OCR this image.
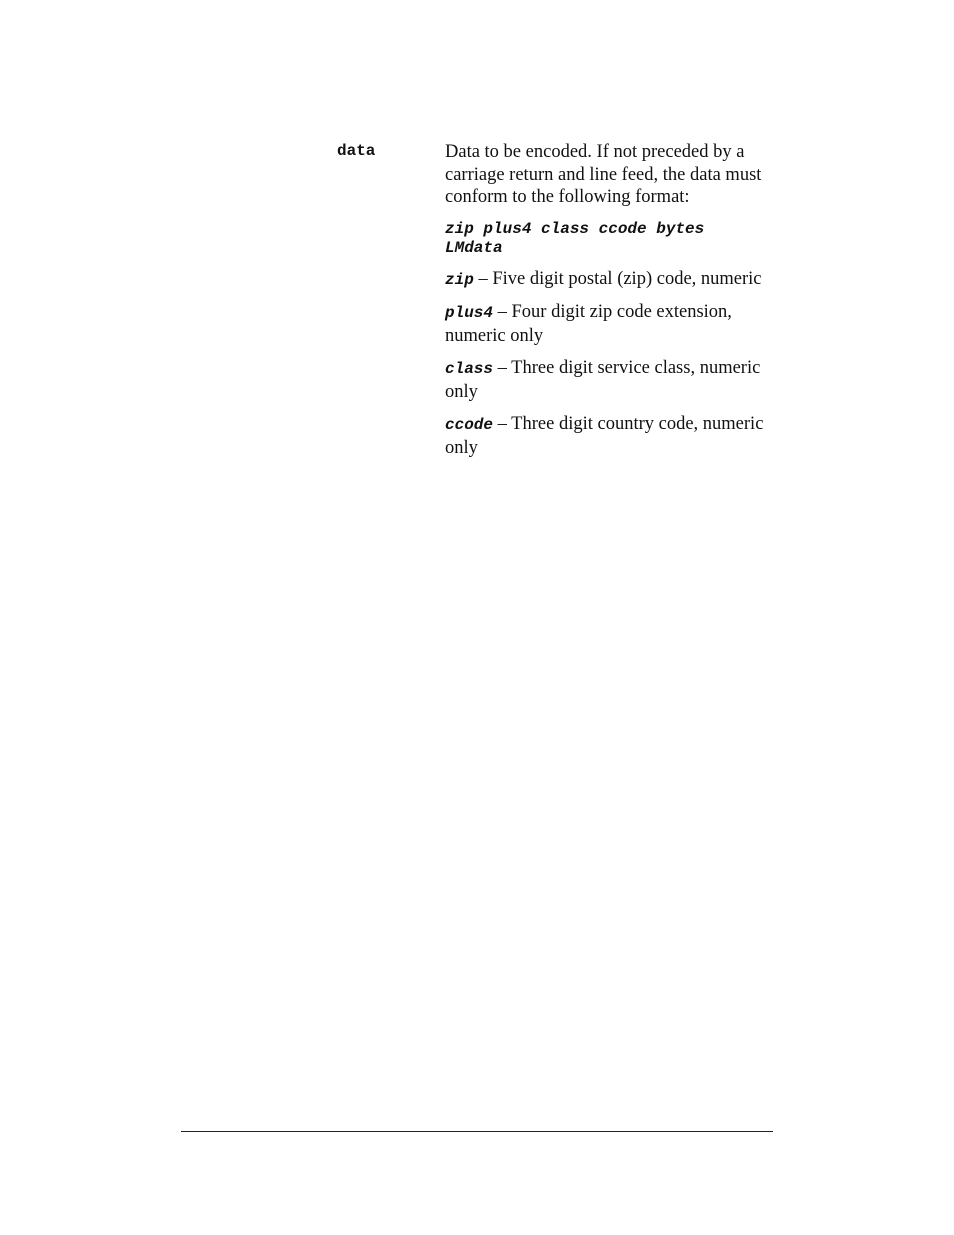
data	Data to be encoded. If not preceded by a carriage return and line feed, the data must conform to the following format:

zip plus4 class ccode bytes
LMdata

zip – Five digit postal (zip) code, numeric

plus4 – Four digit zip code extension, numeric only

class – Three digit service class, numeric only

ccode – Three digit country code, numeric only
